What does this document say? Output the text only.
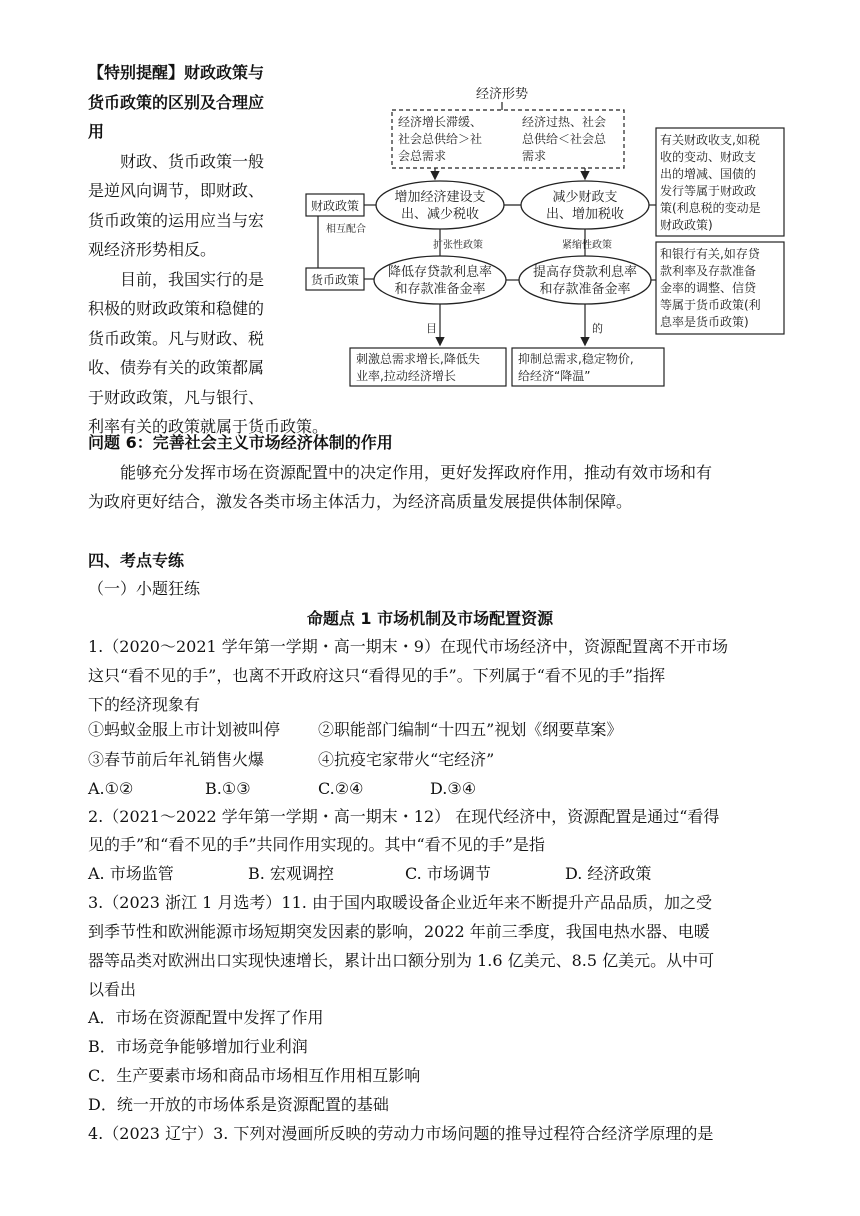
【特别提醒】财政政策与
货币政策的区别及合理应
用
财政、货币政策一般
是逆风向调节，即财政、
货币政策的运用应当与宏
观经济形势相反。
目前，我国实行的是
积极的财政政策和稳健的
货币政策。凡与财政、税
收、债券有关的政策都属
于财政政策，凡与银行、
利率有关的政策就属于货币政策。
经济形势
经济增长滞缓、
社会总供给＞社
会总需求
经济过热、社会
总供给＜社会总
需求
财政政策
增加经济建设支
出、减少税收
减少财政支
出、增加税收
相互配合
扩张性政策	紧缩性政策
货币政策 降低存贷款利息率
和存款准备金率
提高存贷款利息率
和存款准备金率
目	的
刺激总需求增长,降低失
业率,拉动经济增长
抑制总需求,稳定物价,
给经济“降温”
有关财政收支,如税
收的变动、财政支
出的增减、国债的
发行等属于财政政
策(利息税的变动是
财政政策)
和银行有关,如存贷
款利率及存款准备
金率的调整、信贷
等属于货币政策(利
息率是货币政策)
问题 6：完善社会主义市场经济体制的作用
能够充分发挥市场在资源配置中的决定作用，更好发挥政府作用，推动有效市场和有
为政府更好结合，激发各类市场主体活力，为经济高质量发展提供体制保障。
四、考点专练
（一）小题狂练
命题点 1 市场机制及市场配置资源
1.（2020～2021 学年第一学期・高一期末・9）在现代市场经济中，资源配置离不开市场
这只“看不见的手”，也离不开政府这只“看得见的手”。下列属于“看不见的手”指挥
下的经济现象有
①蚂蚁金服上市计划被叫停 ②职能部门编制“十四五”视划《纲要草案》
③春节前后年礼销售火爆	④抗疫宅家带火“宅经济”
A.①②	B.①③	C.②④	D.③④
2.（2021～2022 学年第一学期・高一期末・12） 在现代经济中，资源配置是通过“看得
见的手”和“看不见的手”共同作用实现的。其中“看不见的手”是指
A. 市场监管	B. 宏观调控	C. 市场调节	D. 经济政策
3.（2023 浙江 1 月选考）11. 由于国内取暖设备企业近年来不断提升产品品质，加之受
到季节性和欧洲能源市场短期突发因素的影响，2022 年前三季度，我国电热水器、电暖
器等品类对欧洲出口实现快速增长，累计出口额分别为 1.6 亿美元、8.5 亿美元。从中可
以看出
A．市场在资源配置中发挥了作用
B．市场竞争能够增加行业利润
C．生产要素市场和商品市场相互作用相互影响
D．统一开放的市场体系是资源配置的基础
4.（2023 辽宁）3. 下列对漫画所反映的劳动力市场问题的推导过程符合经济学原理的是
